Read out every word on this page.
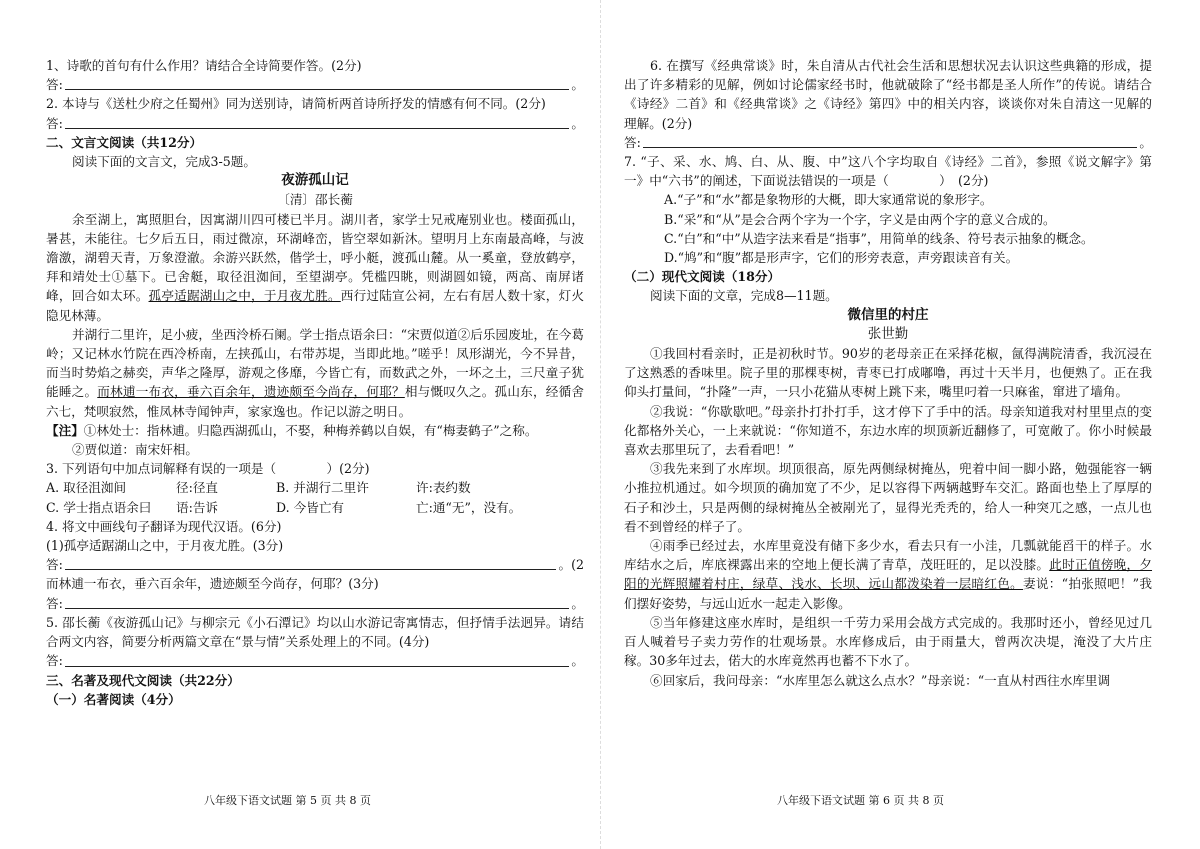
1、诗歌的首句有什么作用？请结合全诗简要作答。(2分)

答:	。

2. 本诗与《送杜少府之任蜀州》同为送别诗，请简析两首诗所抒发的情感有何不同。(2分)

答:	。

二、文言文阅读（共12分）

阅读下面的文言文，完成3-5题。

夜游孤山记

〔清〕邵长蘅

余至湖上，寓照胆台，因寓湖川四可楼已半月。湖川者，家学士兄戒庵别业也。楼面孤山，暑甚，未能往。七夕后五日，雨过微凉，环湖峰峦，皆空翠如新沐。望明月上东南最高峰，与波澹激，湖碧天青，万象澄澈。余游兴跃然，偕学士，呼小艇，渡孤山麓。从一奚童，登放鹤亭，拜和靖处士①墓下。已舍艇，取径沮洳间，至望湖亭。凭槛四眺，则湖圆如镜，两高、南屏诸峰，回合如太环。孤亭适踞湖山之中，于月夜尤胜。西行过陆宣公祠，左右有居人数十家，灯火隐见林薄。

并湖行二里许，足小疲，坐西泠桥石阑。学士指点语余曰：“宋贾似道②后乐园废址，在今葛岭；又记林水竹院在西冷桥南，左挟孤山，右带苏堤，当即此地。”嗟乎！凤形湖光，今不异昔，而当时势焰之赫奕，声华之隆厚，游观之侈靡，今皆亡有，而数武之外，一坏之土，三尺童子犹能睡之。而林逋一布衣，垂六百余年，遗迹颇至今尚存，何耶？相与慨叹久之。孤山东，经循舍六七，梵呗寂然，惟凤林寺闻钟声，家家逸也。作记以游之明日。

【注】①林处士：指林逋。归隐西湖孤山，不娶，种梅养鹤以自娱，有“梅妻鹤子”之称。

②贾似道：南宋奸相。

3. 下列语句中加点词解释有误的一项是（　　　　）(2分)

A. 取径沮洳间	径:径直	B. 并湖行二里许	许:表约数
C. 学士指点语余曰	语:告诉	D. 今皆亡有	亡:通“无”，没有。

4. 将文中画线句子翻译为现代汉语。(6分)

(1)孤亭适踞湖山之中，于月夜尤胜。(3分)

答:	。 (2

而林逋一布衣，垂六百余年，遗迹颇至今尚存，何耶？(3分)

答:	。

5. 邵长蘅《夜游孤山记》与柳宗元《小石潭记》均以山水游记寄寓情志，但抒情手法迥异。请结合两文内容，简要分析两篇文章在“景与情”关系处理上的不同。(4分)

答:	。

三、名著及现代文阅读（共22分）

（一）名著阅读（4分）

八年级下语文试题 第 5 页 共 8 页

6. 在撰写《经典常谈》时，朱自清从古代社会生活和思想状况去认识这些典籍的形成，提出了许多精彩的见解，例如讨论儒家经书时，他就破除了“经书都是圣人所作”的传说。请结合《诗经》二首》和《经典常谈》之《诗经》第四》中的相关内容，谈谈你对朱自清这一见解的理解。(2分)

答:	。

7. “子、采、水、鸠、白、从、腹、中”这八个字均取自《诗经》二首》，参照《说文解字》第一》中“六书”的阐述，下面说法错误的一项是（　　　　）　(2分)

A.“子”和“水”都是象物形的大概，即大家通常说的象形字。

B.“采”和“从”是会合两个字为一个字，字义是由两个字的意义合成的。

C.“白”和“中”从造字法来看是“指事”，用简单的线条、符号表示抽象的概念。

D.“鸠”和“腹”都是形声字，它们的形旁表意，声旁跟读音有关。

（二）现代文阅读（18分）

阅读下面的文章，完成8—11题。

微信里的村庄

张世勤

①我回村看亲时，正是初秋时节。90岁的老母亲正在采择花椒，氤得满院清香，我沉浸在了这熟悉的香味里。院子里的那棵枣树，青枣已打成嘟噜，再过十天半月，也便熟了。正在我仰头打量间，“扑隆”一声，一只小花猫从枣树上跳下来，嘴里叼着一只麻雀，窜进了墙角。

②我说：“你歇歇吧。”母亲扑打扑打手，这才停下了手中的活。母亲知道我对村里里点的变化都格外关心，一上来就说：“你知道不，东边水库的坝顶新近翻修了，可宽敞了。你小时候最喜欢去那里玩了，去看看吧！”

③我先来到了水库坝。坝顶很高，原先两侧绿树掩丛，兜着中间一脚小路，勉强能容一辆小推拉机通过。如今坝顶的确加宽了不少，足以容得下两辆越野车交汇。路面也垫上了厚厚的石子和沙土，只是两侧的绿树掩丛全被剐光了，显得光秃秃的，给人一种突兀之感，一点儿也看不到曾经的样子了。

④雨季已经过去，水库里竟没有储下多少水，看去只有一小洼，几瓢就能舀干的样子。水库结水之后，库底裸露出来的空地上便长满了青草，茂旺旺的，足以没膝。此时正值傍晚，夕阳的光辉照耀着村庄，绿草、浅水、长坝、远山都泼染着一层暗红色。妻说：“拍张照吧！”我们摆好姿势，与远山近水一起走入影像。

⑤当年修建这座水库时，是组织一千劳力采用会战方式完成的。我那时还小，曾经见过几百人喊着号子卖力劳作的壮观场景。水库修成后，由于雨量大，曾两次决堤，淹没了大片庄稼。30多年过去，偌大的水库竟然再也蓄不下水了。

⑥回家后，我问母亲：“水库里怎么就这么点水？”母亲说：“一直从村西往水库里调

八年级下语文试题 第 6 页 共 8 页
